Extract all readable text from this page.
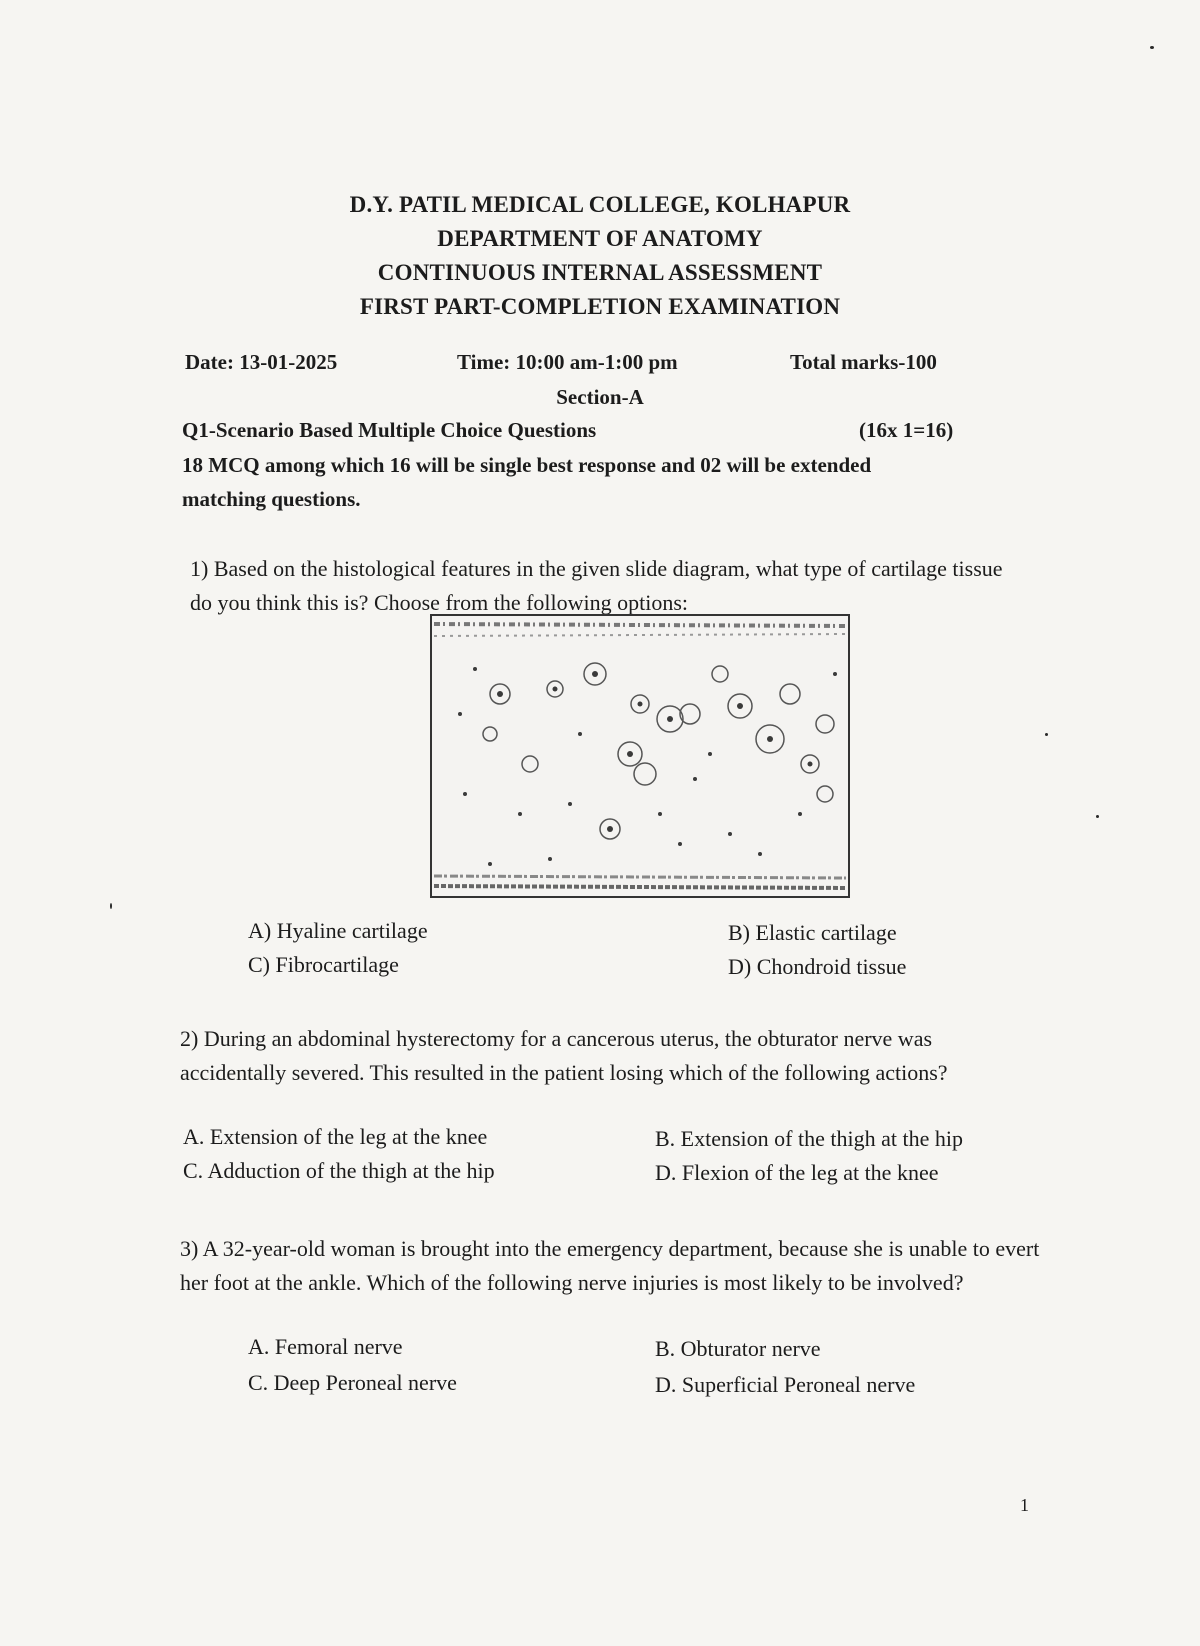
D.Y. PATIL MEDICAL COLLEGE, KOLHAPUR
DEPARTMENT OF ANATOMY
CONTINUOUS INTERNAL ASSESSMENT
FIRST PART-COMPLETION EXAMINATION
Date: 13-01-2025	Time: 10:00 am-1:00 pm	Total marks-100
Section-A
Q1-Scenario Based Multiple Choice Questions	(16x 1=16)
18 MCQ among which 16 will be single best response and 02 will be extended matching questions.
1) Based on the histological features in the given slide diagram, what type of cartilage tissue do you think this is? Choose from the following options:
A) Hyaline cartilage	B) Elastic cartilage
C) Fibrocartilage	D) Chondroid tissue
2) During an abdominal hysterectomy for a cancerous uterus, the obturator nerve was accidentally severed. This resulted in the patient losing which of the following actions?
A. Extension of the leg at the knee	B. Extension of the thigh at the hip
C. Adduction of the thigh at the hip	D. Flexion of the leg at the knee
3) A 32-year-old woman is brought into the emergency department, because she is unable to evert her foot at the ankle. Which of the following nerve injuries is most likely to be involved?
A. Femoral nerve	B. Obturator nerve
C. Deep Peroneal nerve	D. Superficial Peroneal nerve
1
